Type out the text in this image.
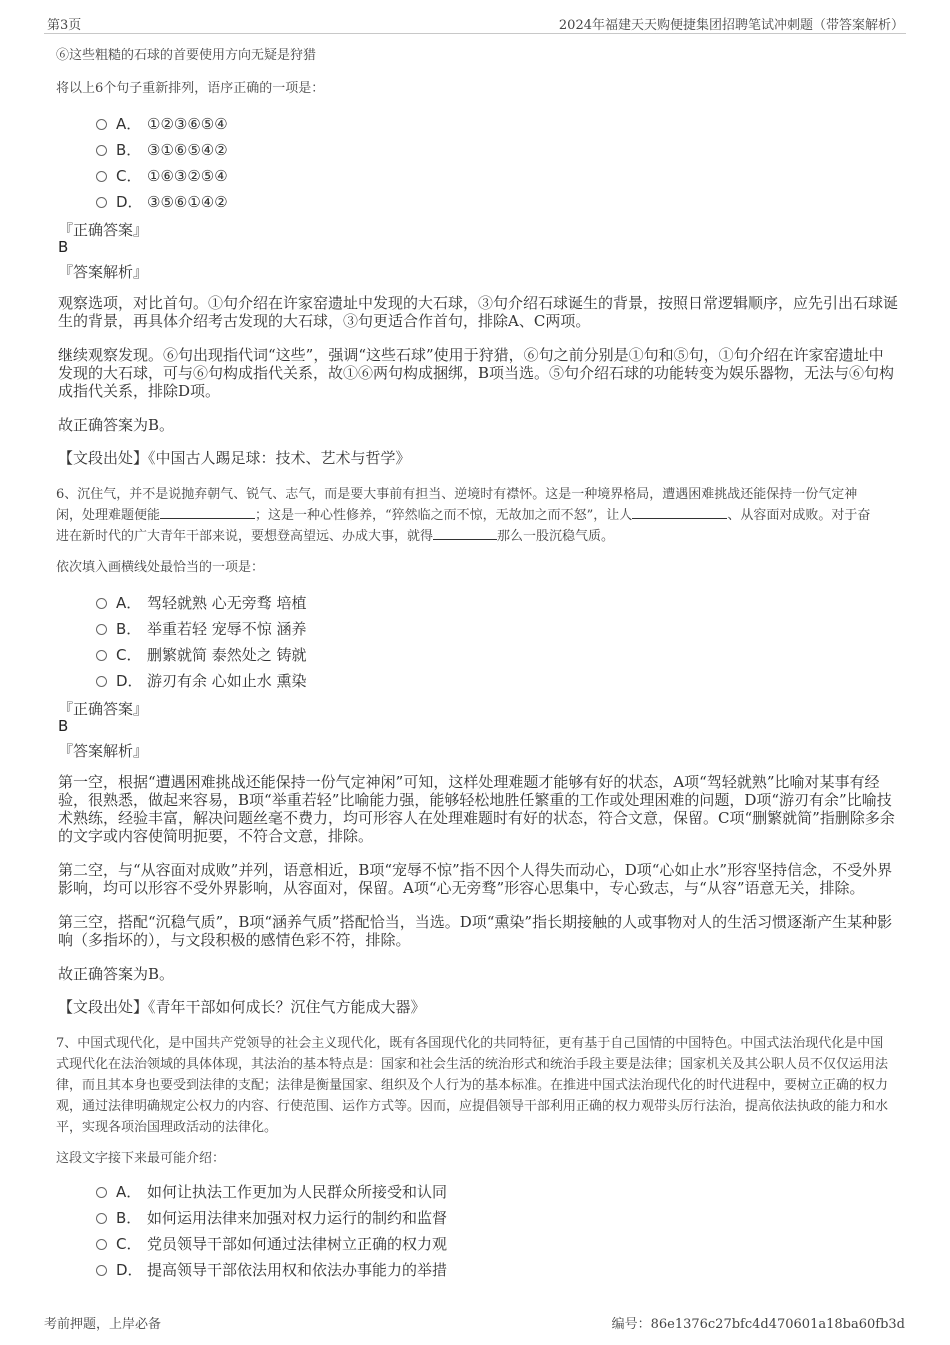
第3页	2024年福建天天购便捷集团招聘笔试冲刺题（带答案解析）
⑥这些粗糙的石球的首要使用方向无疑是狩猎
将以上6个句子重新排列，语序正确的一项是：
A． ①②③⑥⑤④
B． ③①⑥⑤④②
C． ①⑥③②⑤④
D． ③⑤⑥①④②
『正确答案』
B
『答案解析』
观察选项，对比首句。①句介绍在许家窑遗址中发现的大石球，③句介绍石球诞生的背景，按照日常逻辑顺序，应先引出石球诞生的背景，再具体介绍考古发现的大石球，③句更适合作首句，排除A、C两项。
继续观察发现。⑥句出现指代词“这些”，强调“这些石球”使用于狩猎，⑥句之前分别是①句和⑤句，①句介绍在许家窑遗址中发现的大石球，可与⑥句构成指代关系，故①⑥两句构成捆绑，B项当选。⑤句介绍石球的功能转变为娱乐器物，无法与⑥句构成指代关系，排除D项。
故正确答案为B。
【文段出处】《中国古人踢足球：技术、艺术与哲学》
6、沉住气，并不是说抛弃朝气、锐气、志气，而是要大事前有担当、逆境时有襟怀。这是一种境界格局，遭遇困难挑战还能保持一份气定神
闲，处理难题便能	；这是一种心性修养，“猝然临之而不惊，无故加之而不怒”，让人	、从容面对成败。对于奋
进在新时代的广大青年干部来说，要想登高望远、办成大事，就得	那么一股沉稳气质。
依次填入画横线处最恰当的一项是：
A． 驾轻就熟 心无旁骛 培植
B． 举重若轻 宠辱不惊 涵养
C． 删繁就简 泰然处之 铸就
D． 游刃有余 心如止水 熏染
『正确答案』
B
『答案解析』
第一空，根据“遭遇困难挑战还能保持一份气定神闲”可知，这样处理难题才能够有好的状态，A项“驾轻就熟”比喻对某事有经验，很熟悉，做起来容易，B项“举重若轻”比喻能力强，能够轻松地胜任繁重的工作或处理困难的问题，D项“游刃有余”比喻技术熟练，经验丰富，解决问题丝毫不费力，均可形容人在处理难题时有好的状态，符合文意，保留。C项“删繁就简”指删除多余的文字或内容使简明扼要，不符合文意，排除。
第二空，与“从容面对成败”并列，语意相近，B项“宠辱不惊”指不因个人得失而动心，D项“心如止水”形容坚持信念，不受外界影响，均可以形容不受外界影响，从容面对，保留。A项“心无旁骛”形容心思集中，专心致志，与“从容”语意无关，排除。
第三空，搭配“沉稳气质”，B项“涵养气质”搭配恰当，当选。D项“熏染”指长期接触的人或事物对人的生活习惯逐渐产生某种影响（多指坏的），与文段积极的感情色彩不符，排除。
故正确答案为B。
【文段出处】《青年干部如何成长？沉住气方能成大器》
7、中国式现代化，是中国共产党领导的社会主义现代化，既有各国现代化的共同特征，更有基于自己国情的中国特色。中国式法治现代化是中国式现代化在法治领域的具体体现，其法治的基本特点是：国家和社会生活的统治形式和统治手段主要是法律；国家机关及其公职人员不仅仅运用法律，而且其本身也要受到法律的支配；法律是衡量国家、组织及个人行为的基本标准。在推进中国式法治现代化的时代进程中，要树立正确的权力观，通过法律明确规定公权力的内容、行使范围、运作方式等。因而，应提倡领导干部利用正确的权力观带头厉行法治，提高依法执政的能力和水平，实现各项治国理政活动的法律化。
这段文字接下来最可能介绍：
A． 如何让执法工作更加为人民群众所接受和认同
B． 如何运用法律来加强对权力运行的制约和监督
C． 党员领导干部如何通过法律树立正确的权力观
D． 提高领导干部依法用权和依法办事能力的举措
考前押题，上岸必备	编号：86e1376c27bfc4d470601a18ba60fb3d
